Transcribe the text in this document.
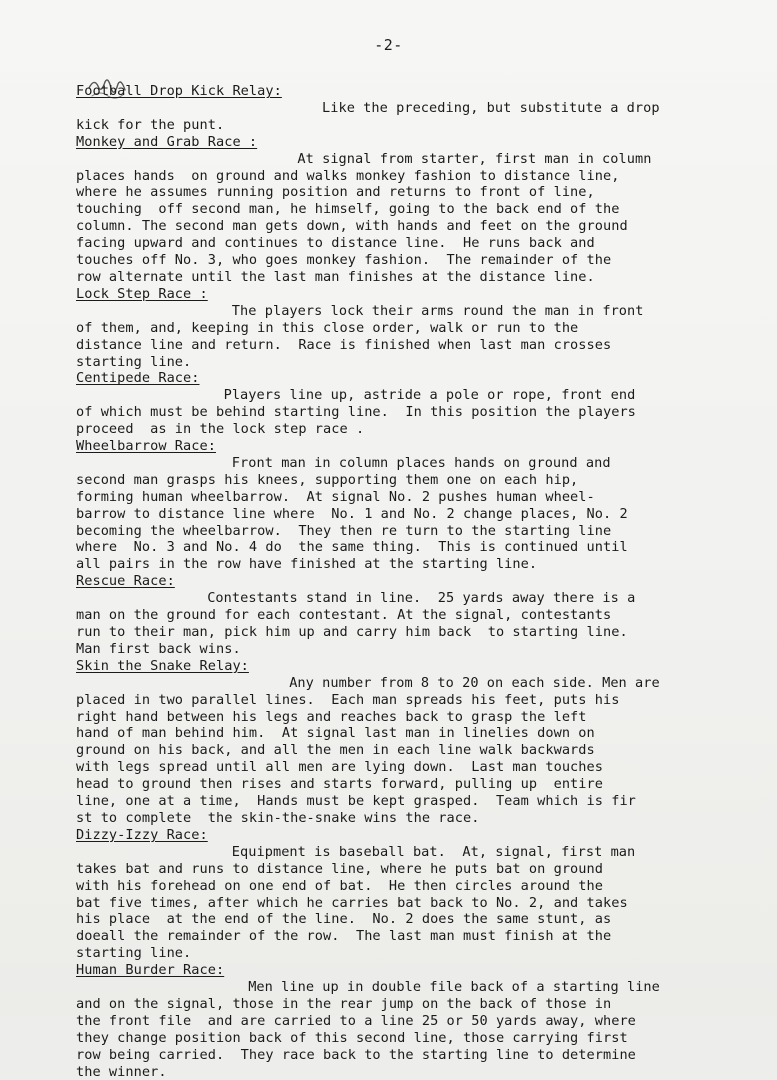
-2-
Football Drop Kick Relay:
Like the preceding, but substitute a drop
kick for the punt.
Monkey and Grab Race :
At signal from starter, first man in column
places hands  on ground and walks monkey fashion to distance line,
where he assumes running position and returns to front of line,
touching  off second man, he himself, going to the back end of the
column. The second man gets down, with hands and feet on the ground
facing upward and continues to distance line.  He runs back and
touches off No. 3, who goes monkey fashion.  The remainder of the
row alternate until the last man finishes at the distance line.
Lock Step Race :
The players lock their arms round the man in front
of them, and, keeping in this close order, walk or run to the
distance line and return.  Race is finished when last man crosses
starting line.
Centipede Race:
Players line up, astride a pole or rope, front end
of which must be behind starting line.  In this position the players
proceed  as in the lock step race .
Wheelbarrow Race:
Front man in column places hands on ground and
second man grasps his knees, supporting them one on each hip,
forming human wheelbarrow.  At signal No. 2 pushes human wheel-
barrow to distance line where  No. 1 and No. 2 change places, No. 2
becoming the wheelbarrow.  They then re turn to the starting line
where  No. 3 and No. 4 do  the same thing.  This is continued until
all pairs in the row have finished at the starting line.
Rescue Race:
Contestants stand in line.  25 yards away there is a
man on the ground for each contestant. At the signal, contestants
run to their man, pick him up and carry him back  to starting line.
Man first back wins.
Skin the Snake Relay:
Any number from 8 to 20 on each side. Men are
placed in two parallel lines.  Each man spreads his feet, puts his
right hand between his legs and reaches back to grasp the left
hand of man behind him.  At signal last man in linelies down on
ground on his back, and all the men in each line walk backwards
with legs spread until all men are lying down.  Last man touches
head to ground then rises and starts forward, pulling up  entire
line, one at a time,  Hands must be kept grasped.  Team which is fir
st to complete  the skin-the-snake wins the race.
Dizzy-Izzy Race:
Equipment is baseball bat.  At, signal, first man
takes bat and runs to distance line, where he puts bat on ground
with his forehead on one end of bat.  He then circles around the
bat five times, after which he carries bat back to No. 2, and takes
his place  at the end of the line.  No. 2 does the same stunt, as
doeall the remainder of the row.  The last man must finish at the
starting line.
Human Burder Race:
Men line up in double file back of a starting line
and on the signal, those in the rear jump on the back of those in
the front file  and are carried to a line 25 or 50 yards away, where
they change position back of this second line, those carrying first
row being carried.  They race back to the starting line to determine
the winner.
